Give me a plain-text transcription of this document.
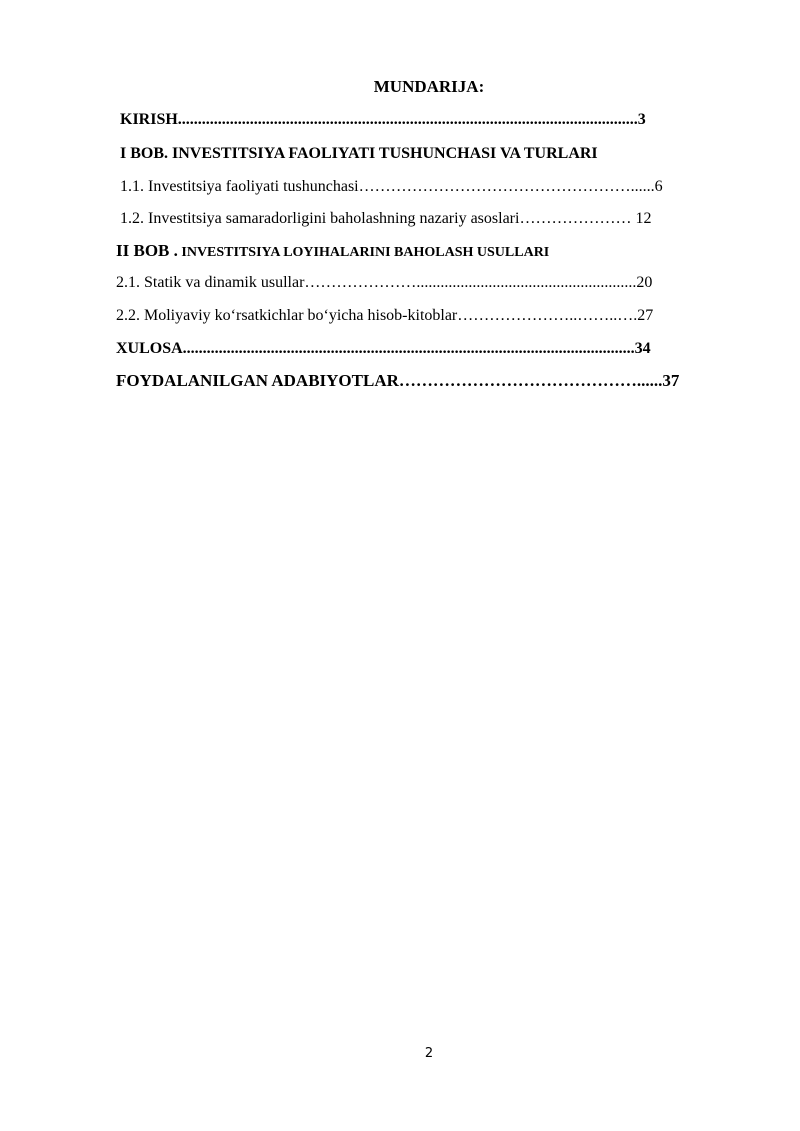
MUNDARIJA:
KIRISH...................................................................................................................3
I BOB. INVESTITSIYA FAOLIYATI TUSHUNCHASI VA TURLARI
1.1. Investitsiya faoliyati tushunchasi……………………………………………......6
1.2. Investitsiya samaradorligini baholashning nazariy asoslari………………… 12
II BOB . INVESTITSIYA LOYIHALARINI BAHOLASH USULLARI
2.1. Statik va dinamik usullar………………….......................................................20
2.2. Moliyaviy ko‘rsatkichlar bo‘yicha hisob-kitoblar…………………..……..….27
XULOSA.................................................................................................................34
FOYDALANILGAN ADABIYOTLAR……………………………………......37
2
